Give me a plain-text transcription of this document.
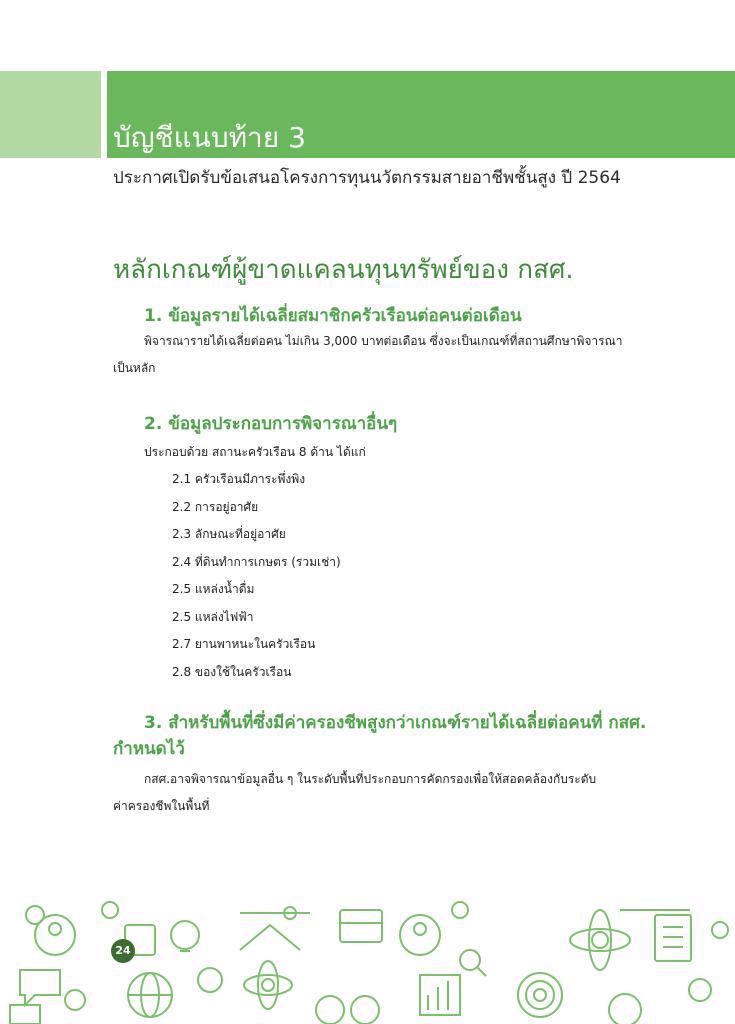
บัญชีแนบท้าย 3
ประกาศเปิดรับข้อเสนอโครงการทุนนวัตกรรมสายอาชีพชั้นสูง ปี 2564
หลักเกณฑ์ผู้ขาดแคลนทุนทรัพย์ของ กสศ.
1. ข้อมูลรายได้เฉลี่ยสมาชิกครัวเรือนต่อคนต่อเดือน
พิจารณารายได้เฉลี่ยต่อคน ไม่เกิน 3,000 บาทต่อเดือน ซึ่งจะเป็นเกณฑ์ที่สถานศึกษาพิจารณา
เป็นหลัก
2. ข้อมูลประกอบการพิจารณาอื่นๆ
ประกอบด้วย สถานะครัวเรือน 8 ด้าน ได้แก่
2.1 ครัวเรือนมีภาระพึ่งพิง
2.2 การอยู่อาศัย
2.3 ลักษณะที่อยู่อาศัย
2.4 ที่ดินทำการเกษตร (รวมเช่า)
2.5 แหล่งน้ำดื่ม
2.5 แหล่งไฟฟ้า
2.7 ยานพาหนะในครัวเรือน
2.8 ของใช้ในครัวเรือน
3. สำหรับพื้นที่ซึ่งมีค่าครองชีพสูงกว่าเกณฑ์รายได้เฉลี่ยต่อคนที่ กสศ.
กำหนดไว้
กสศ.อาจพิจารณาข้อมูลอื่น ๆ ในระดับพื้นที่ประกอบการคัดกรองเพื่อให้สอดคล้องกับระดับ
ค่าครองชีพในพื้นที่
24
